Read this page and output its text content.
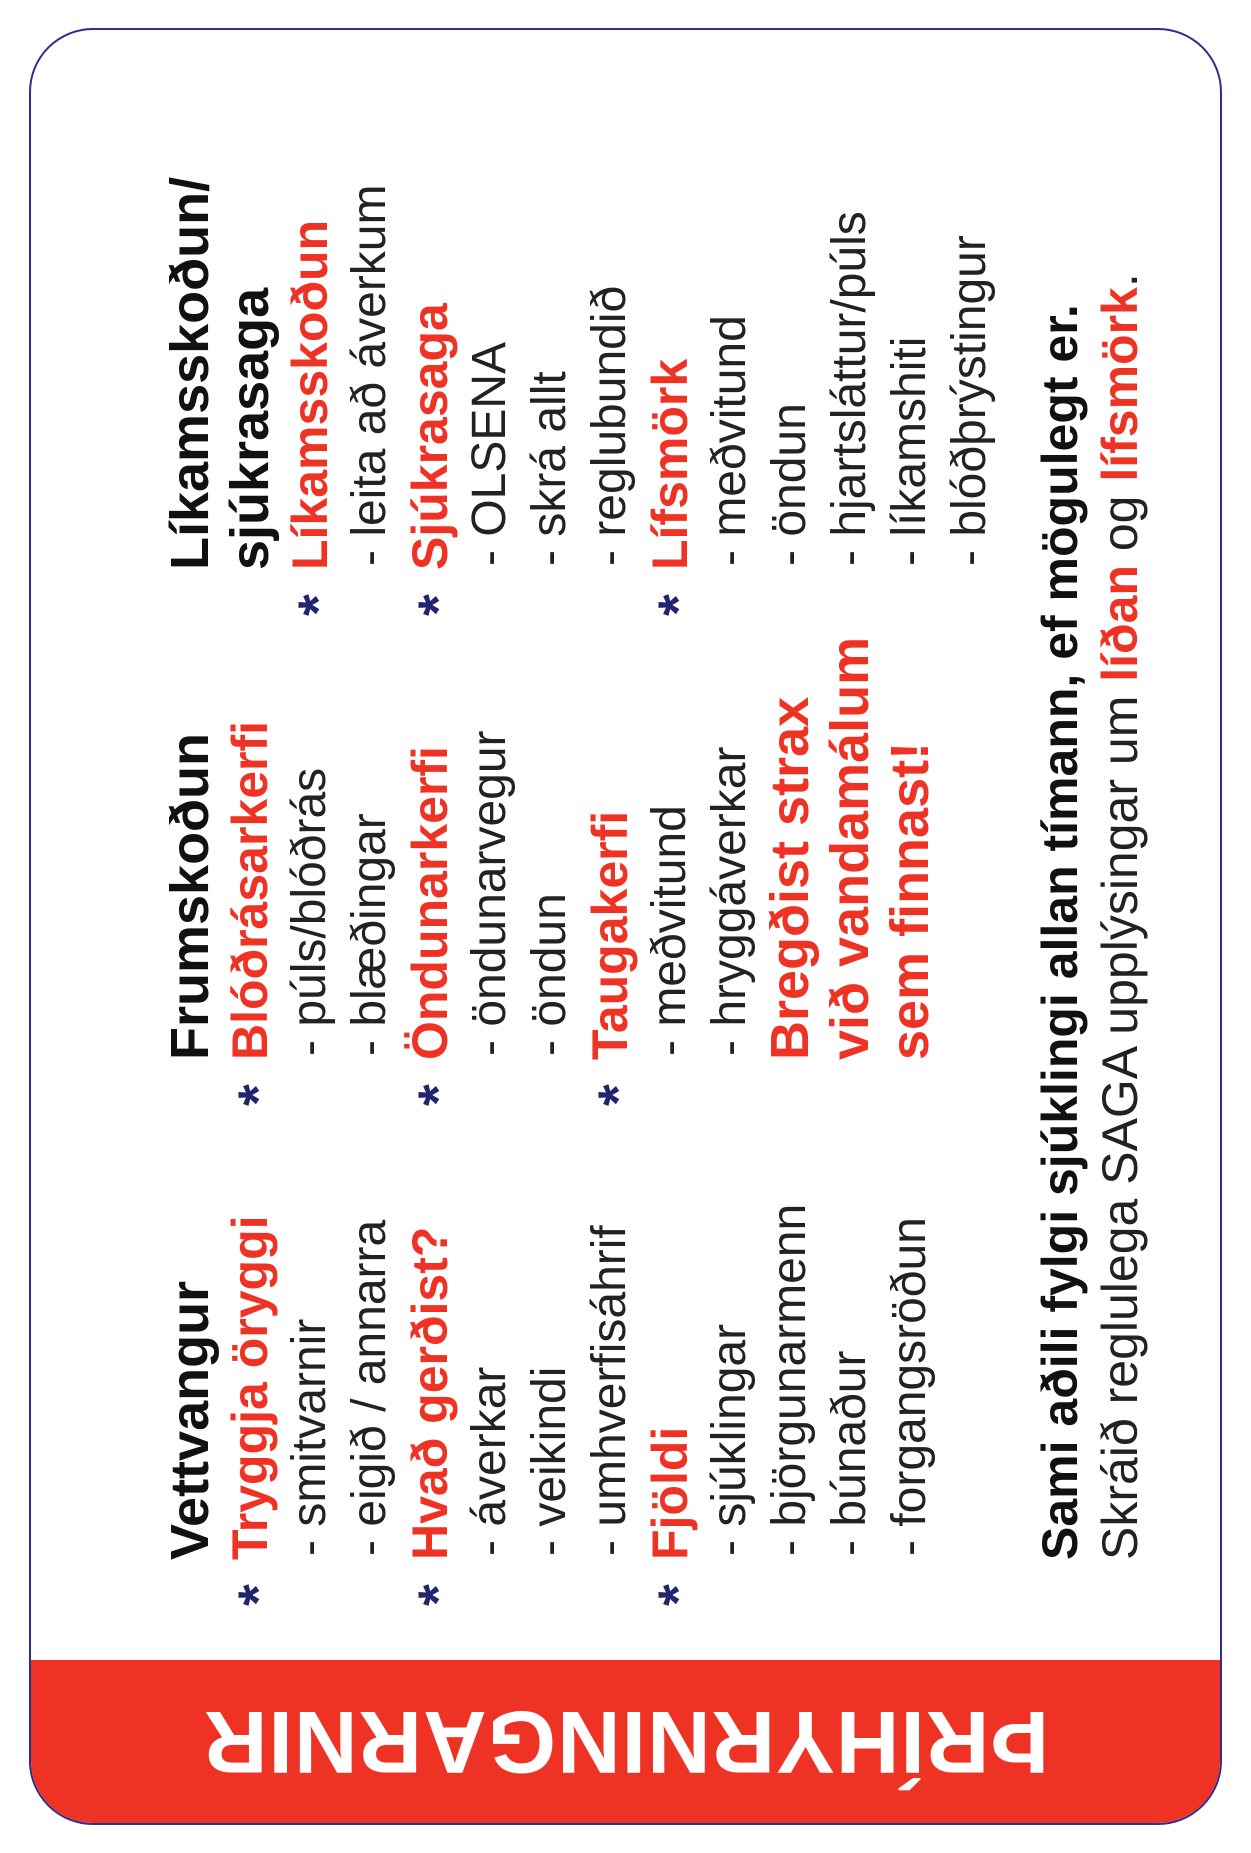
ÞRÍHYRNINGARNIR
Vettvangur
*
Tryggja öryggi - smitvarnir - eigið / annarra
*
Hvað gerðist? - áverkar - veikindi - umhverfisáhrif
*
Fjöldi - sjúklingar - björgunarmenn - búnaður - forgangsröðun
Frumskoðun
*
Blóðrásarkerfi - púls/blóðrás - blæðingar
*
Öndunarkerfi - öndunarvegur - öndun
*
Taugakerfi - meðvitund - hryggáverkar Bregðist strax við vandamálum sem finnast!
Líkamsskoðun/ sjúkrasaga
*
Líkamsskoðun - leita að áverkum
*
Sjúkrasaga - OLSENA - skrá allt - reglubundið
*
Lífsmörk - meðvitund - öndun - hjartsláttur/púls - líkamshiti - blóðþrýstingur Sami aðili fylgi sjúklingi allan tímann, ef mögulegt er. Skráið reglulega SAGA upplýsingar um líðan og lífsmörk.
